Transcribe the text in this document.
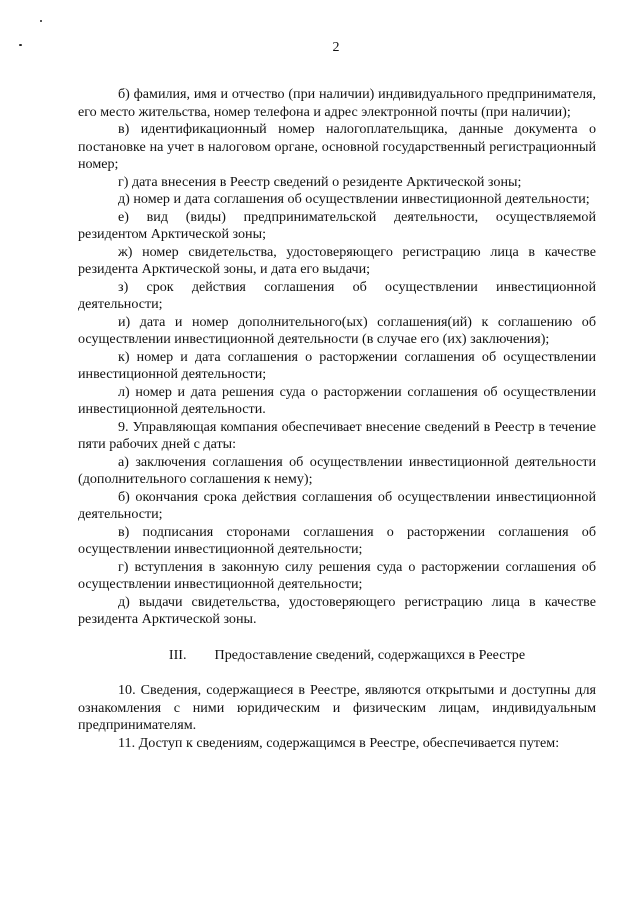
2

б) фамилия, имя и отчество (при наличии) индивидуального предпринимателя, его место жительства, номер телефона и адрес электронной почты (при наличии);

в) идентификационный номер налогоплательщика, данные документа о постановке на учет в налоговом органе, основной государственный регистрационный номер;

г) дата внесения в Реестр сведений о резиденте Арктической зоны;

д) номер и дата соглашения об осуществлении инвестиционной деятельности;

е) вид (виды) предпринимательской деятельности, осуществляемой резидентом Арктической зоны;

ж) номер свидетельства, удостоверяющего регистрацию лица в качестве резидента Арктической зоны, и дата его выдачи;

з) срок действия соглашения об осуществлении инвестиционной деятельности;

и) дата и номер дополнительного(ых) соглашения(ий) к соглашению об осуществлении инвестиционной деятельности (в случае его (их) заключения);

к) номер и дата соглашения о расторжении соглашения об осуществлении инвестиционной деятельности;

л) номер и дата решения суда о расторжении соглашения об осуществлении инвестиционной деятельности.

9. Управляющая компания обеспечивает внесение сведений в Реестр в течение пяти рабочих дней с даты:

а) заключения соглашения об осуществлении инвестиционной деятельности (дополнительного соглашения к нему);

б) окончания срока действия соглашения об осуществлении инвестиционной деятельности;

в) подписания сторонами соглашения о расторжении соглашения об осуществлении инвестиционной деятельности;

г) вступления в законную силу решения суда о расторжении соглашения об осуществлении инвестиционной деятельности;

д) выдачи свидетельства, удостоверяющего регистрацию лица в качестве резидента Арктической зоны.

III. Предоставление сведений, содержащихся в Реестре

10. Сведения, содержащиеся в Реестре, являются открытыми и доступны для ознакомления с ними юридическим и физическим лицам, индивидуальным предпринимателям.

11. Доступ к сведениям, содержащимся в Реестре, обеспечивается путем:
